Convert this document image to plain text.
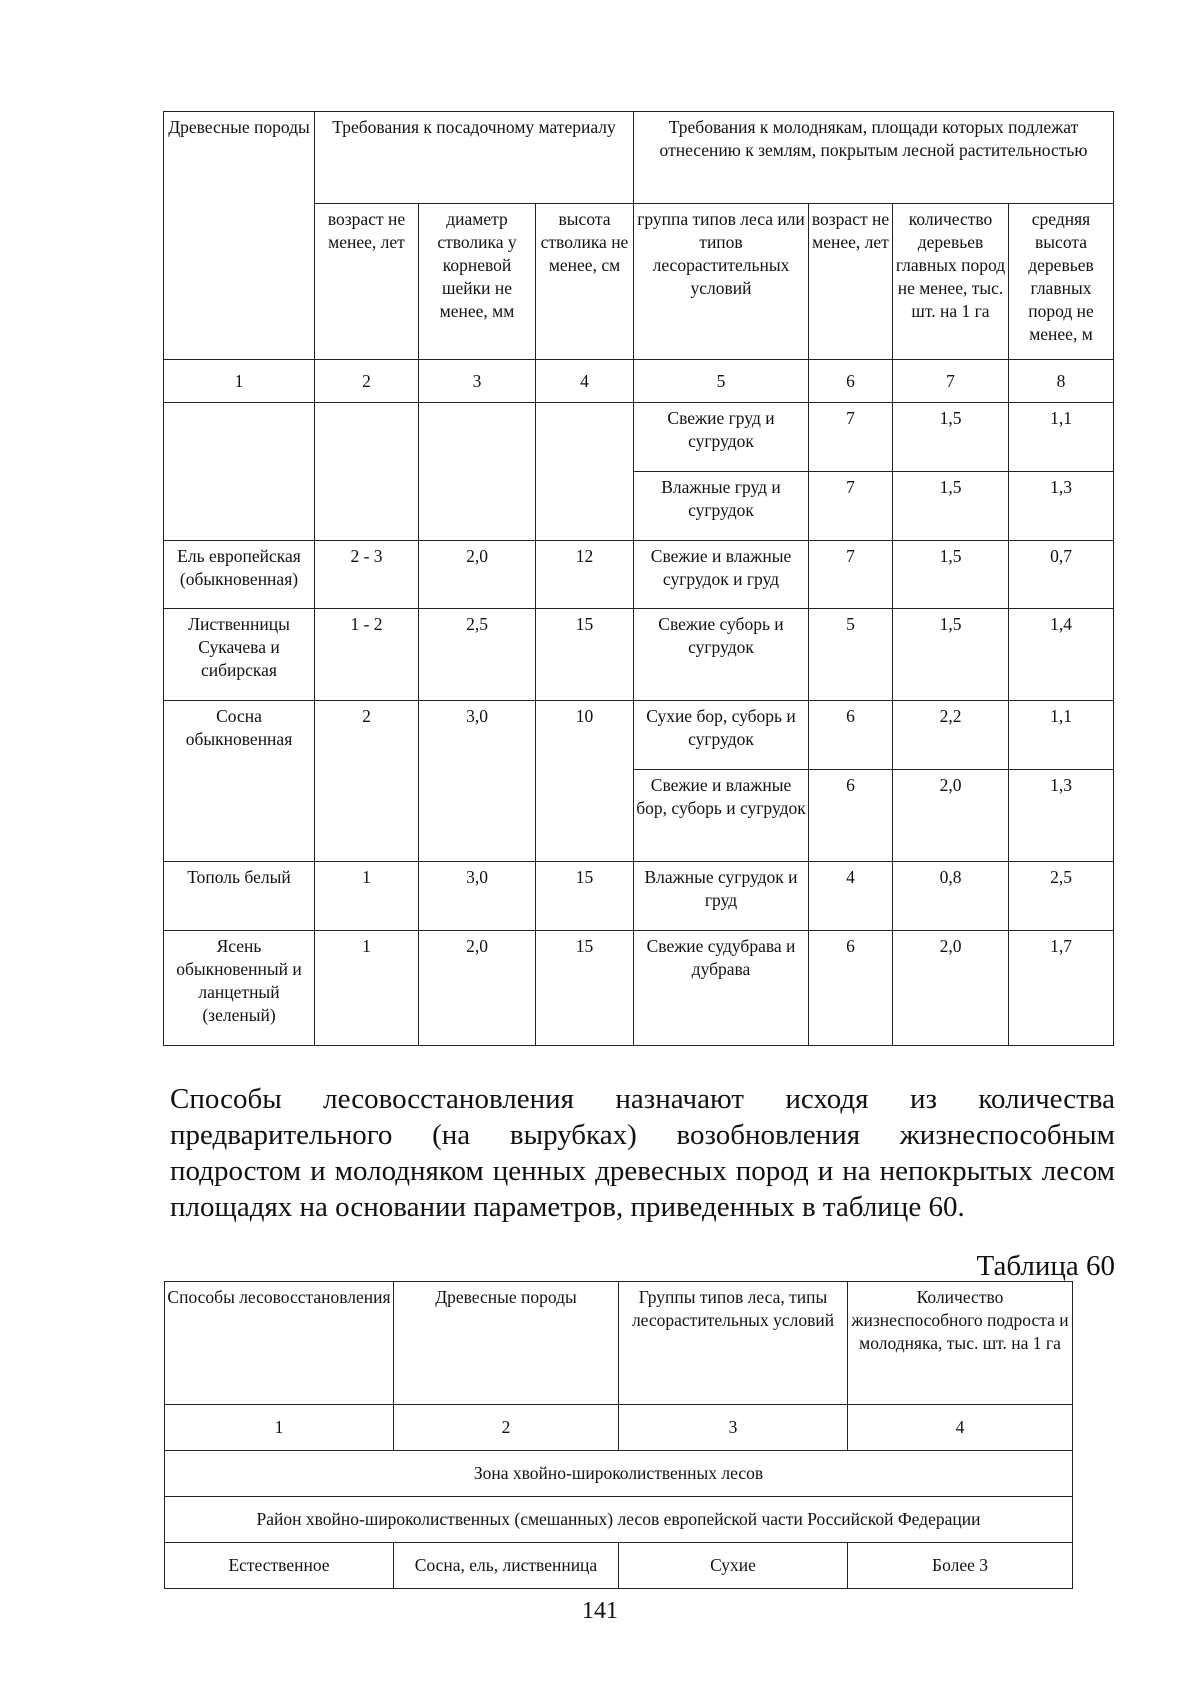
Древесные породы	Требования к посадочному материалу			Требования к молоднякам, площади которых подлежат отнесению к землям, покрытым лесной растительностью			
	возраст не менее, лет	диаметр стволика у корневой шейки не менее, мм	высота стволика не менее, см	группа типов леса или типов лесорастительных условий	возраст не менее, лет	количество деревьев главных пород не менее, тыс. шт. на 1 га	средняя высота деревьев главных пород не менее, м
1	2	3	4	5	6	7	8
				Свежие груд и сугрудок	7	1,5	1,1
				Влажные груд и сугрудок	7	1,5	1,3
Ель европейская (обыкновенная)	2 - 3	2,0	12	Свежие и влажные сугрудок и груд	7	1,5	0,7
Лиственницы Сукачева и сибирская	1 - 2	2,5	15	Свежие суборь и сугрудок	5	1,5	1,4
Сосна обыкновенная	2	3,0	10	Сухие бор, суборь и сугрудок	6	2,2	1,1
				Свежие и влажные бор, суборь и сугрудок	6	2,0	1,3
Тополь белый	1	3,0	15	Влажные сугрудок и груд	4	0,8	2,5
Ясень обыкновенный и ланцетный (зеленый)	1	2,0	15	Свежие судубрава и дубрава	6	2,0	1,7

Способы лесовосстановления назначают исходя из количества предварительного (на вырубках) возобновления жизнеспособным подростом и молодняком ценных древесных пород и на непокрытых лесом площадях на основании параметров, приведенных в таблице 60.

Таблица 60
Способы лесовосстановления	Древесные породы	Группы типов леса, типы лесорастительных условий	Количество жизнеспособного подроста и молодняка, тыс. шт. на 1 га
1	2	3	4
Зона хвойно-широколиственных лесов			
Район хвойно-широколиственных (смешанных) лесов европейской части Российской Федерации			
Естественное	Сосна, ель, лиственница	Сухие	Более 3
141
